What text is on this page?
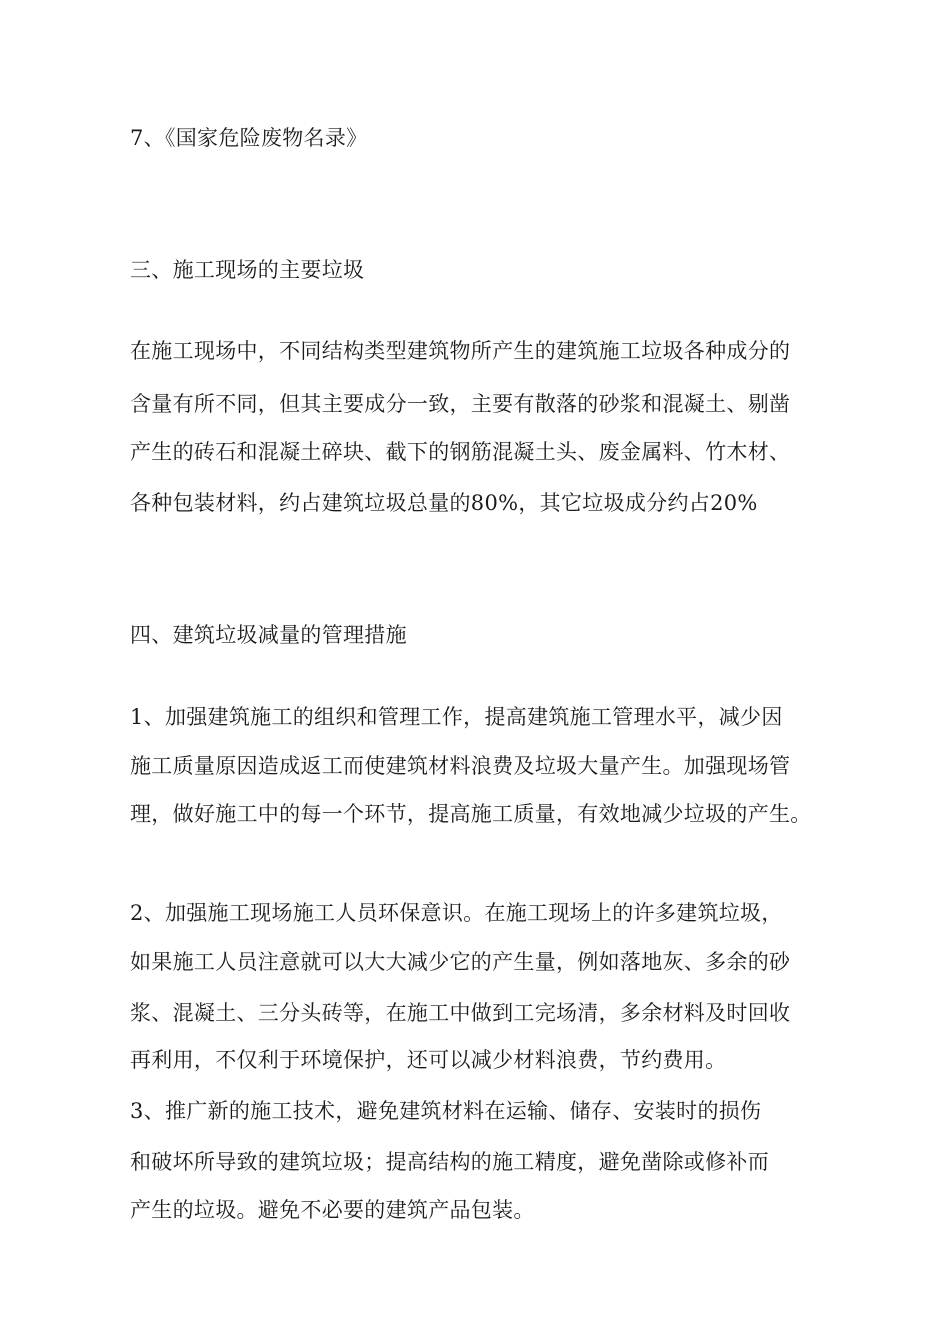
7、《国家危险废物名录》
三、施工现场的主要垃圾
在施工现场中，不同结构类型建筑物所产生的建筑施工垃圾各种成分的
含量有所不同，但其主要成分一致，主要有散落的砂浆和混凝土、剔凿
产生的砖石和混凝土碎块、截下的钢筋混凝土头、废金属料、竹木材、
各种包装材料，约占建筑垃圾总量的80%，其它垃圾成分约占20%
四、建筑垃圾减量的管理措施
1、加强建筑施工的组织和管理工作，提高建筑施工管理水平，减少因
施工质量原因造成返工而使建筑材料浪费及垃圾大量产生。加强现场管
理，做好施工中的每一个环节，提高施工质量，有效地减少垃圾的产生。
2、加强施工现场施工人员环保意识。在施工现场上的许多建筑垃圾，
如果施工人员注意就可以大大减少它的产生量，例如落地灰、多余的砂
浆、混凝土、三分头砖等，在施工中做到工完场清，多余材料及时回收
再利用，不仅利于环境保护，还可以减少材料浪费，节约费用。
3、推广新的施工技术，避免建筑材料在运输、储存、安装时的损伤
和破坏所导致的建筑垃圾；提高结构的施工精度，避免凿除或修补而
产生的垃圾。避免不必要的建筑产品包装。
